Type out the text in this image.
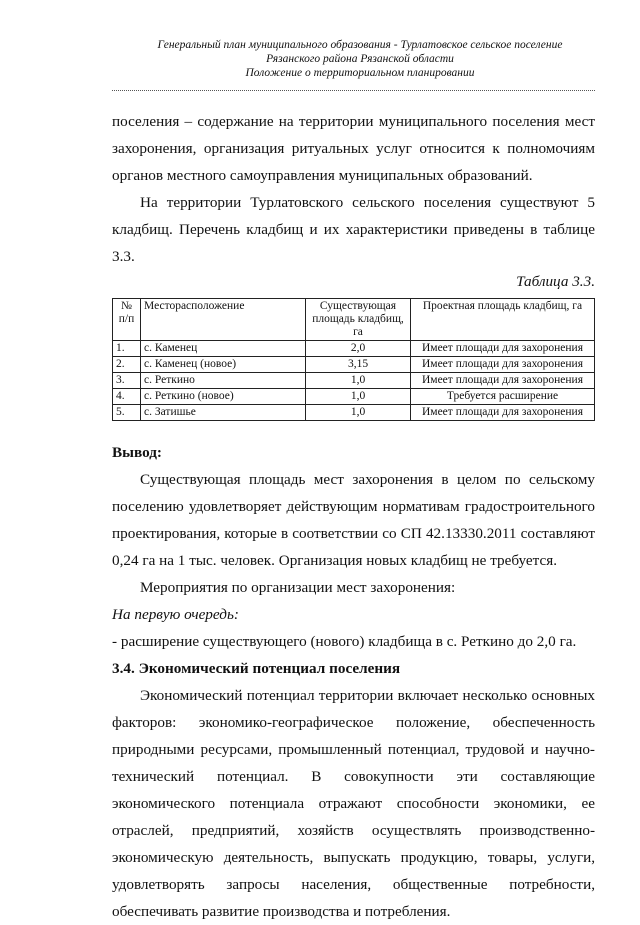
Генеральный план муниципального образования - Турлатовское сельское поселение
Рязанского района Рязанской области
Положение о территориальном планировании

поселения – содержание на территории муниципального поселения мест захоронения, организация ритуальных услуг относится к полномочиям органов местного самоуправления муниципальных образований.

На территории Турлатовского сельского поселения существуют 5 кладбищ. Перечень кладбищ и их характеристики приведены в таблице 3.3.

Таблица 3.3.

№ п/п	Месторасположение	Существующая площадь кладбищ, га	Проектная площадь кладбищ, га
1.	с. Каменец	2,0	Имеет площади для захоронения
2.	с. Каменец (новое)	3,15	Имеет площади для захоронения
3.	с. Реткино	1,0	Имеет площади для захоронения
4.	с. Реткино (новое)	1,0	Требуется расширение
5.	с. Затишье	1,0	Имеет площади для захоронения

Вывод:

Существующая площадь мест захоронения в целом по сельскому поселению удовлетворяет действующим нормативам градостроительного проектирования, которые в соответствии со СП 42.13330.2011 составляют 0,24 га на 1 тыс. человек. Организация новых кладбищ не требуется.

Мероприятия по организации мест захоронения:

На первую очередь:

- расширение существующего (нового) кладбища в с. Реткино до 2,0 га.

3.4. Экономический потенциал поселения

Экономический потенциал территории включает несколько основных факторов: экономико-географическое положение, обеспеченность природными ресурсами, промышленный потенциал, трудовой и научно-технический потенциал. В совокупности эти составляющие экономического потенциала отражают способности экономики, ее отраслей, предприятий, хозяйств осуществлять производственно-экономическую деятельность, выпускать продукцию, товары, услуги, удовлетворять запросы населения, общественные потребности, обеспечивать развитие производства и потребления.
